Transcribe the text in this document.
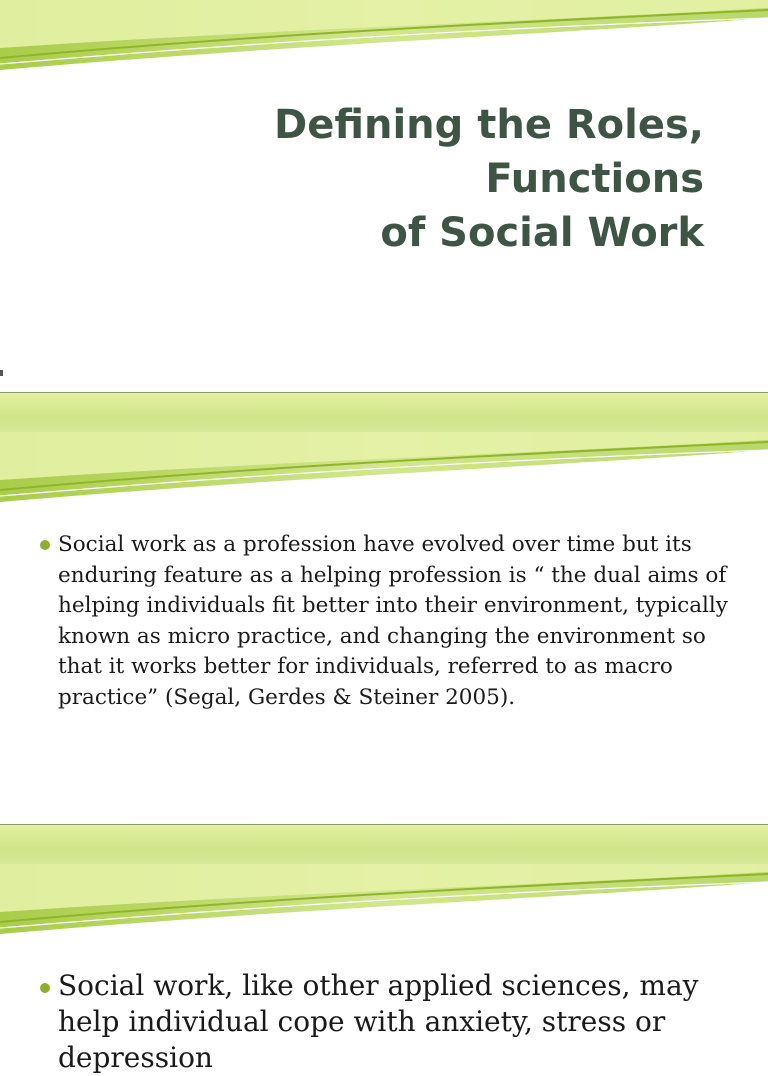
Defining the Roles, Functions
of Social Work

Social work as a profession have evolved over time but its enduring feature as a helping profession is “ the dual aims of helping individuals fit better into their environment, typically known as micro practice, and changing the environment so that it works better for individuals, referred to as macro practice” (Segal, Gerdes & Steiner 2005).

Social work, like other applied sciences, may help individual cope with anxiety, stress or depression
